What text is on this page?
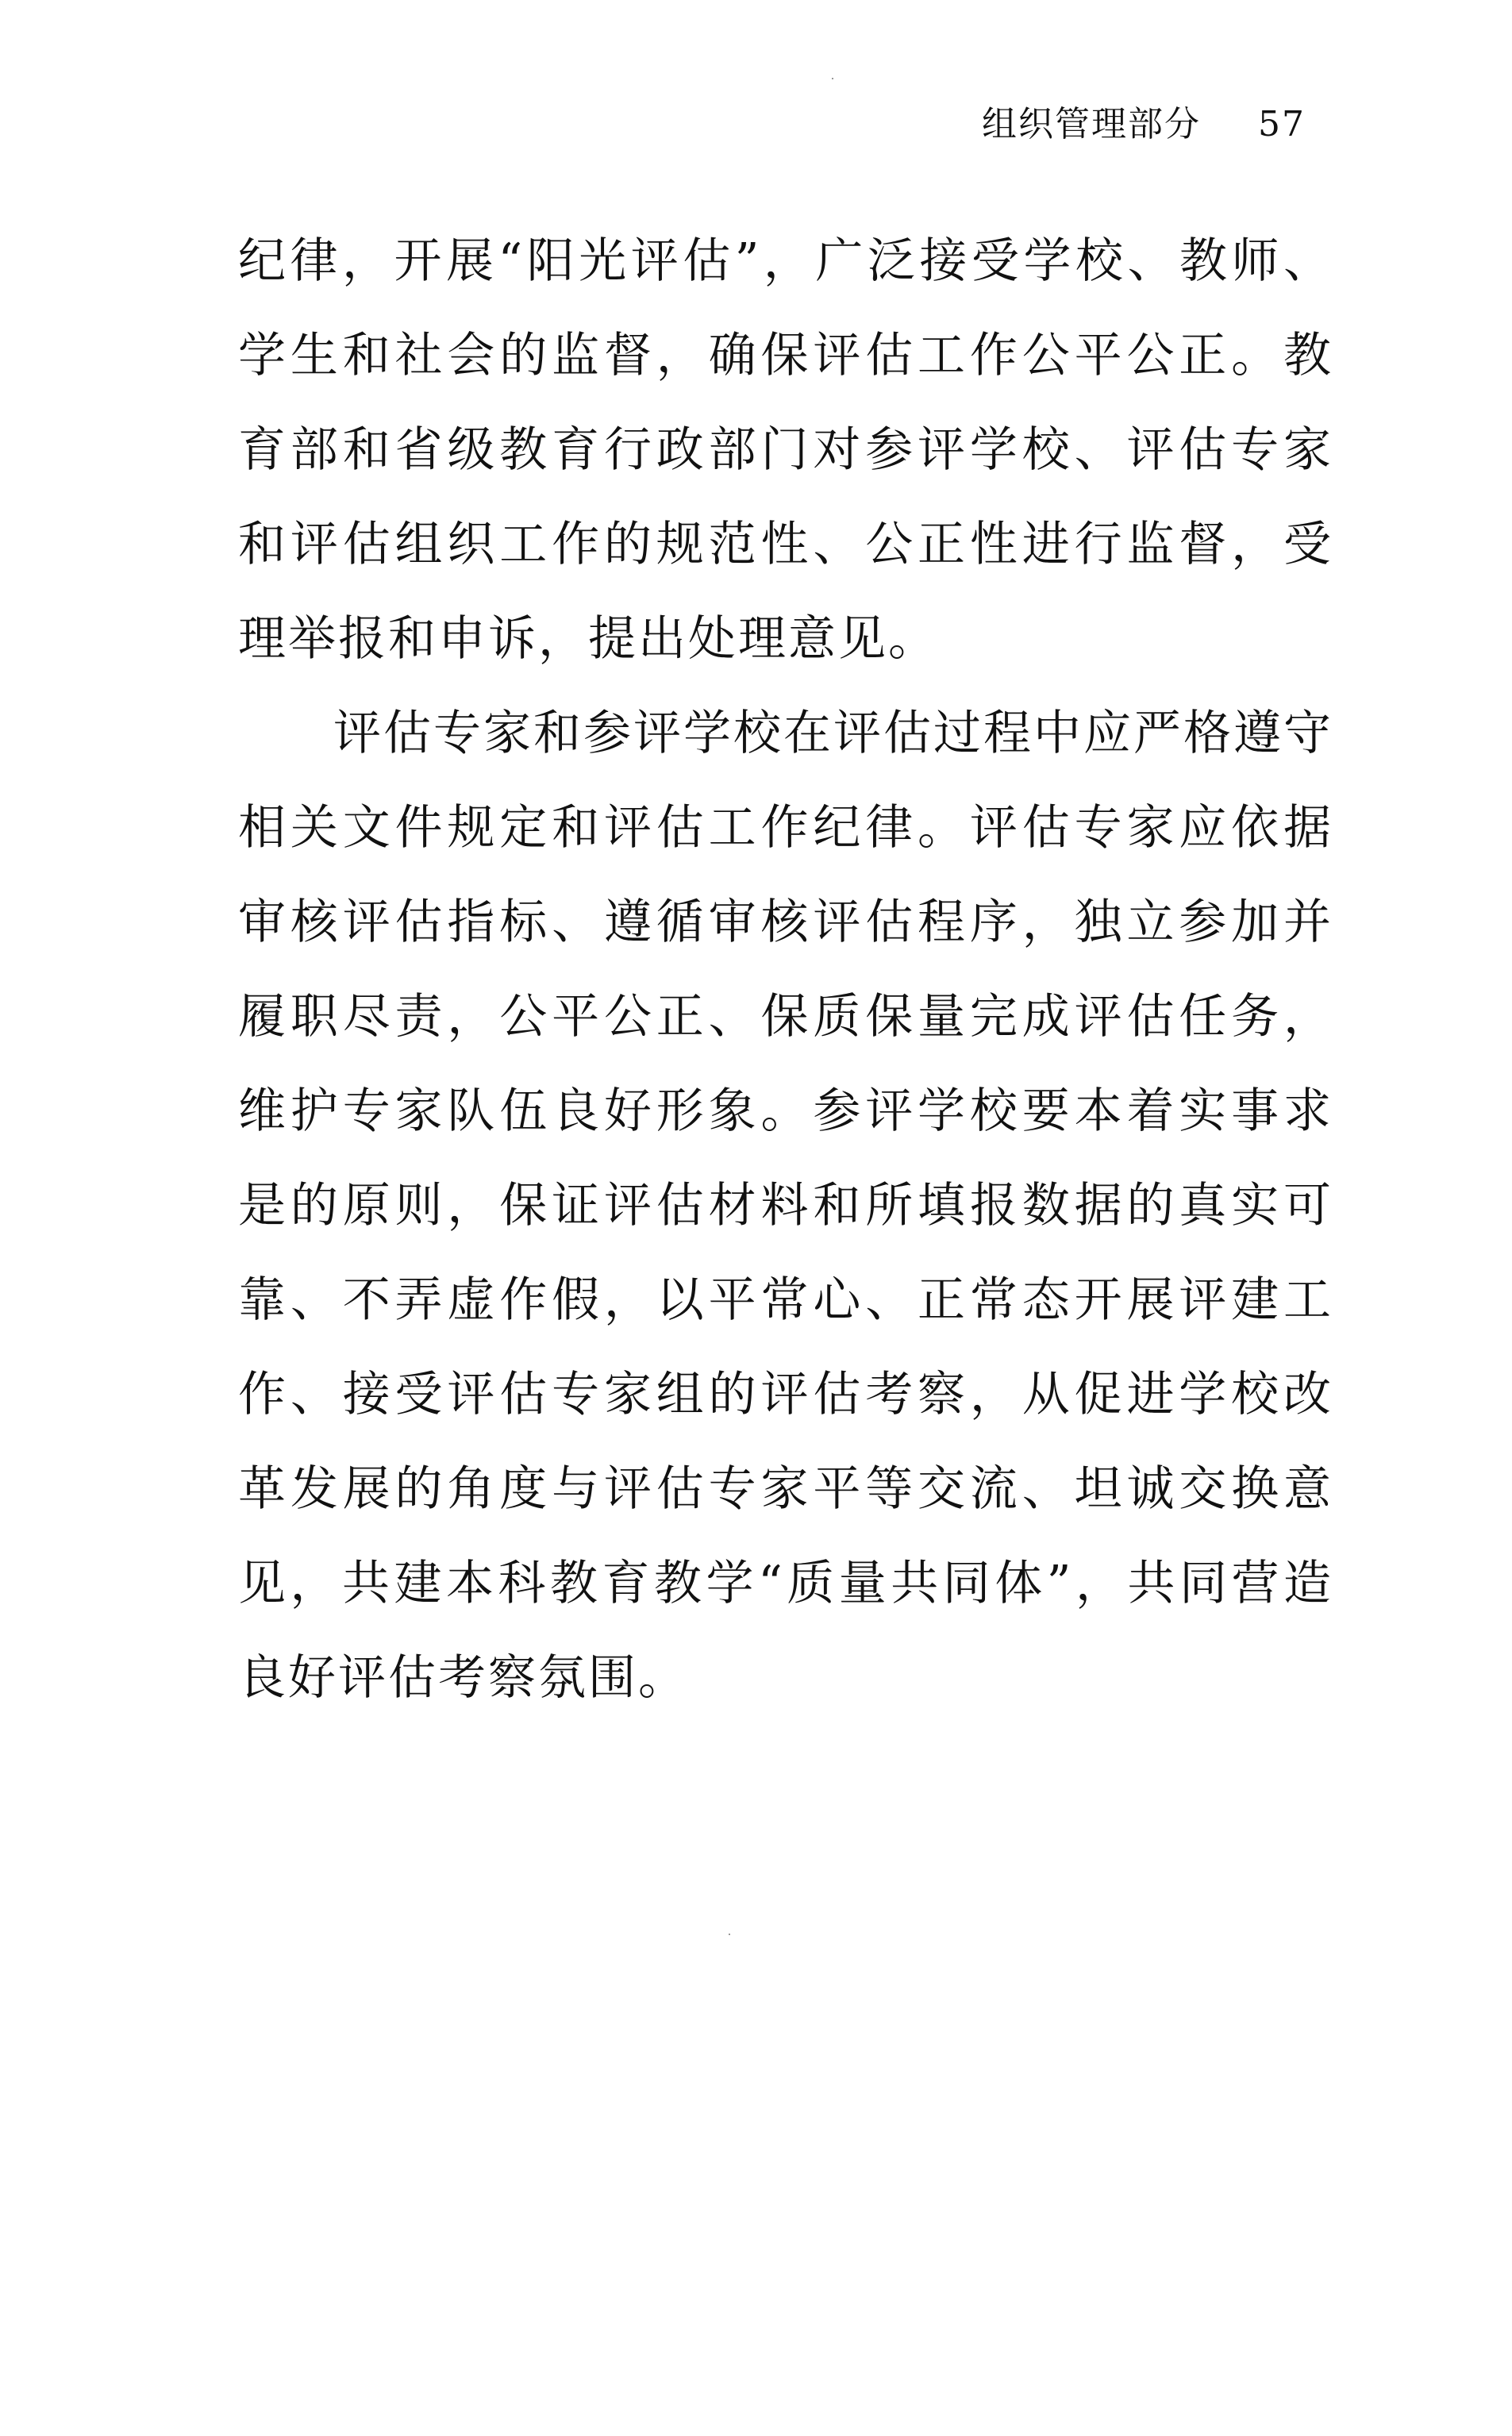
组织管理部分 57

纪律，开展“阳光评估”，广泛接受学校、教师、学生和社会的监督，确保评估工作公平公正。教育部和省级教育行政部门对参评学校、评估专家和评估组织工作的规范性、公正性进行监督，受理举报和申诉，提出处理意见。

评估专家和参评学校在评估过程中应严格遵守相关文件规定和评估工作纪律。评估专家应依据审核评估指标、遵循审核评估程序，独立参加并履职尽责，公平公正、保质保量完成评估任务，维护专家队伍良好形象。参评学校要本着实事求是的原则，保证评估材料和所填报数据的真实可靠、不弄虚作假，以平常心、正常态开展评建工作、接受评估专家组的评估考察，从促进学校改革发展的角度与评估专家平等交流、坦诚交换意见，共建本科教育教学“质量共同体”，共同营造良好评估考察氛围。
